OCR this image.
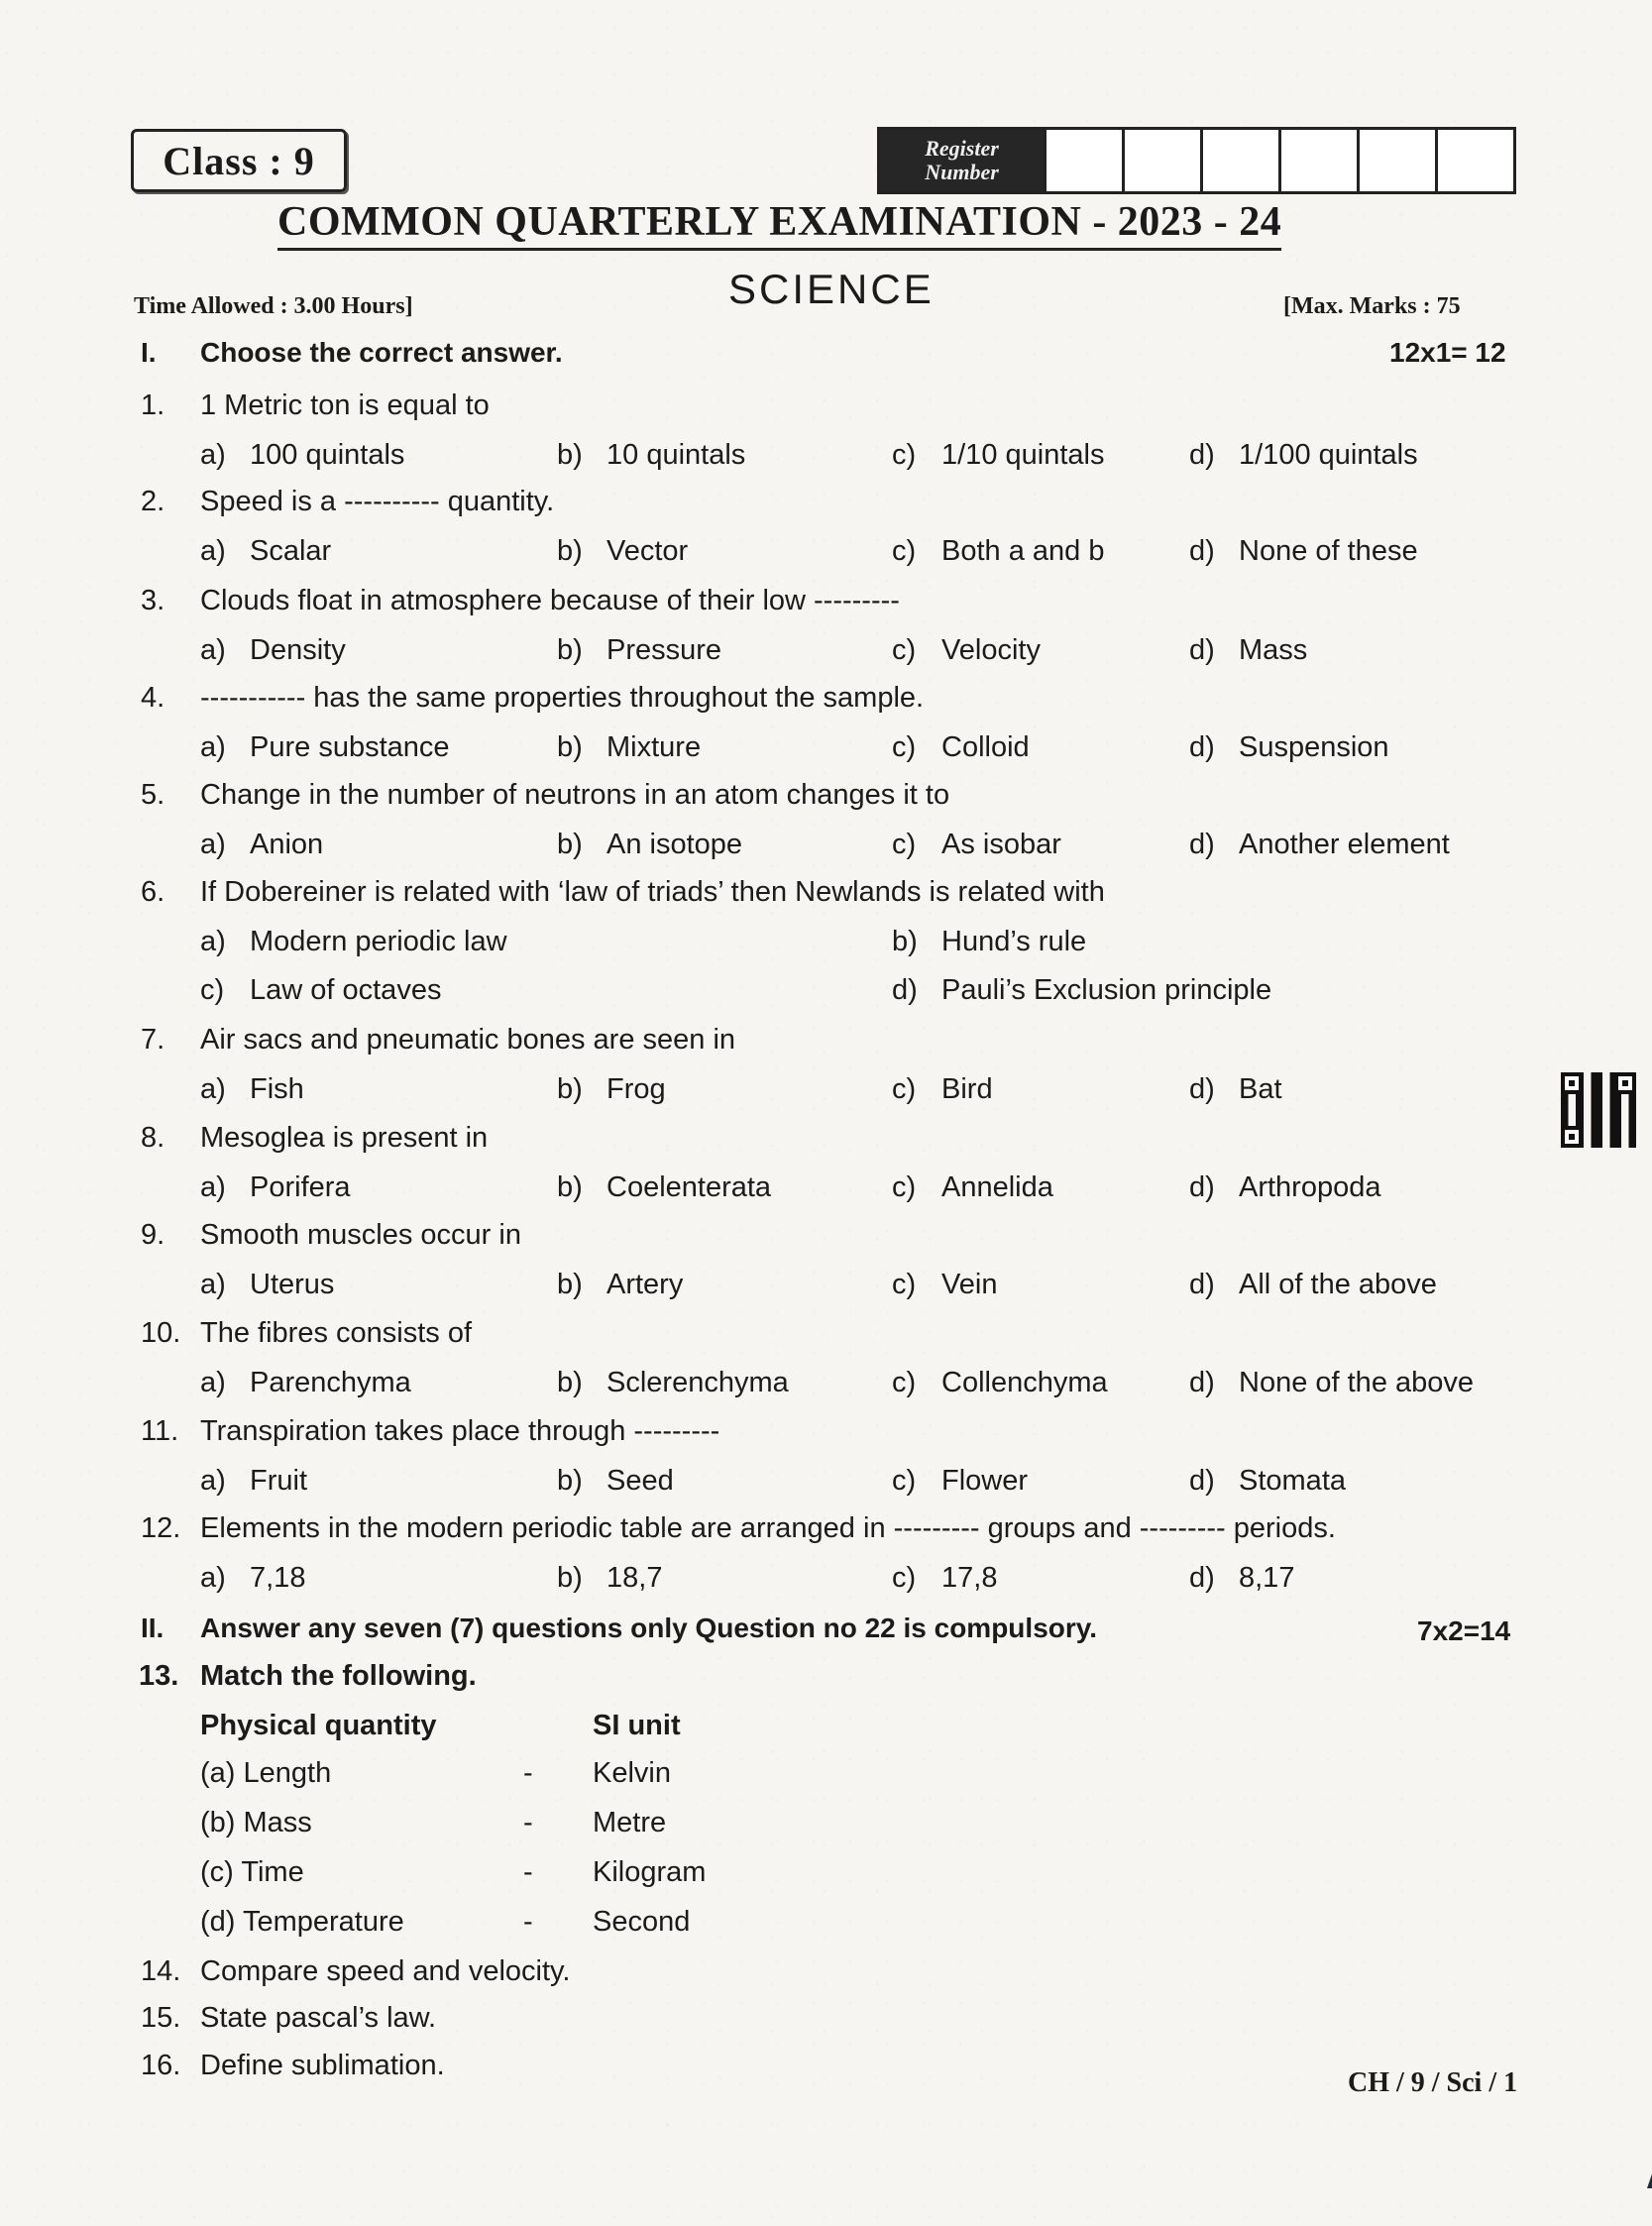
Class : 9	Register
Number
COMMON QUARTERLY EXAMINATION - 2023 - 24
SCIENCE
Time Allowed : 3.00 Hours]	[Max. Marks : 75
I. Choose the correct answer.	12x1= 12
1. 1 Metric ton is equal to
a) 100 quintals	b) 10 quintals	c) 1/10 quintals	d) 1/100 quintals
2. Speed is a ---------- quantity.
a) Scalar	b) Vector	c) Both a and b	d) None of these
3. Clouds float in atmosphere because of their low ---------
a) Density	b) Pressure	c) Velocity	d) Mass
4. ----------- has the same properties throughout the sample.
a) Pure substance	b) Mixture	c) Colloid	d) Suspension
5. Change in the number of neutrons in an atom changes it to
a) Anion	b) An isotope	c) As isobar	d) Another element
6. If Dobereiner is related with ‘law of triads’ then Newlands is related with
a) Modern periodic law	b) Hund’s rule
c) Law of octaves	d) Pauli’s Exclusion principle
7. Air sacs and pneumatic bones are seen in
a) Fish	b) Frog	c) Bird	d) Bat
8. Mesoglea is present in
a) Porifera	b) Coelenterata	c) Annelida	d) Arthropoda
9. Smooth muscles occur in
a) Uterus	b) Artery	c) Vein	d) All of the above
10. The fibres consists of
a) Parenchyma	b) Sclerenchyma	c) Collenchyma	d) None of the above
11. Transpiration takes place through ---------
a) Fruit	b) Seed	c) Flower	d) Stomata
12. Elements in the modern periodic table are arranged in --------- groups and --------- periods.
a) 7,18	b) 18,7	c) 17,8	d) 8,17
II. Answer any seven (7) questions only Question no 22 is compulsory.	7x2=14
13. Match the following.
Physical quantity	SI unit
(a) Length	- Kelvin
(b) Mass	- Metre
(c) Time	- Kilogram
(d) Temperature	- Second
14. Compare speed and velocity.
15. State pascal’s law.
16. Define sublimation.
CH / 9 / Sci / 1
